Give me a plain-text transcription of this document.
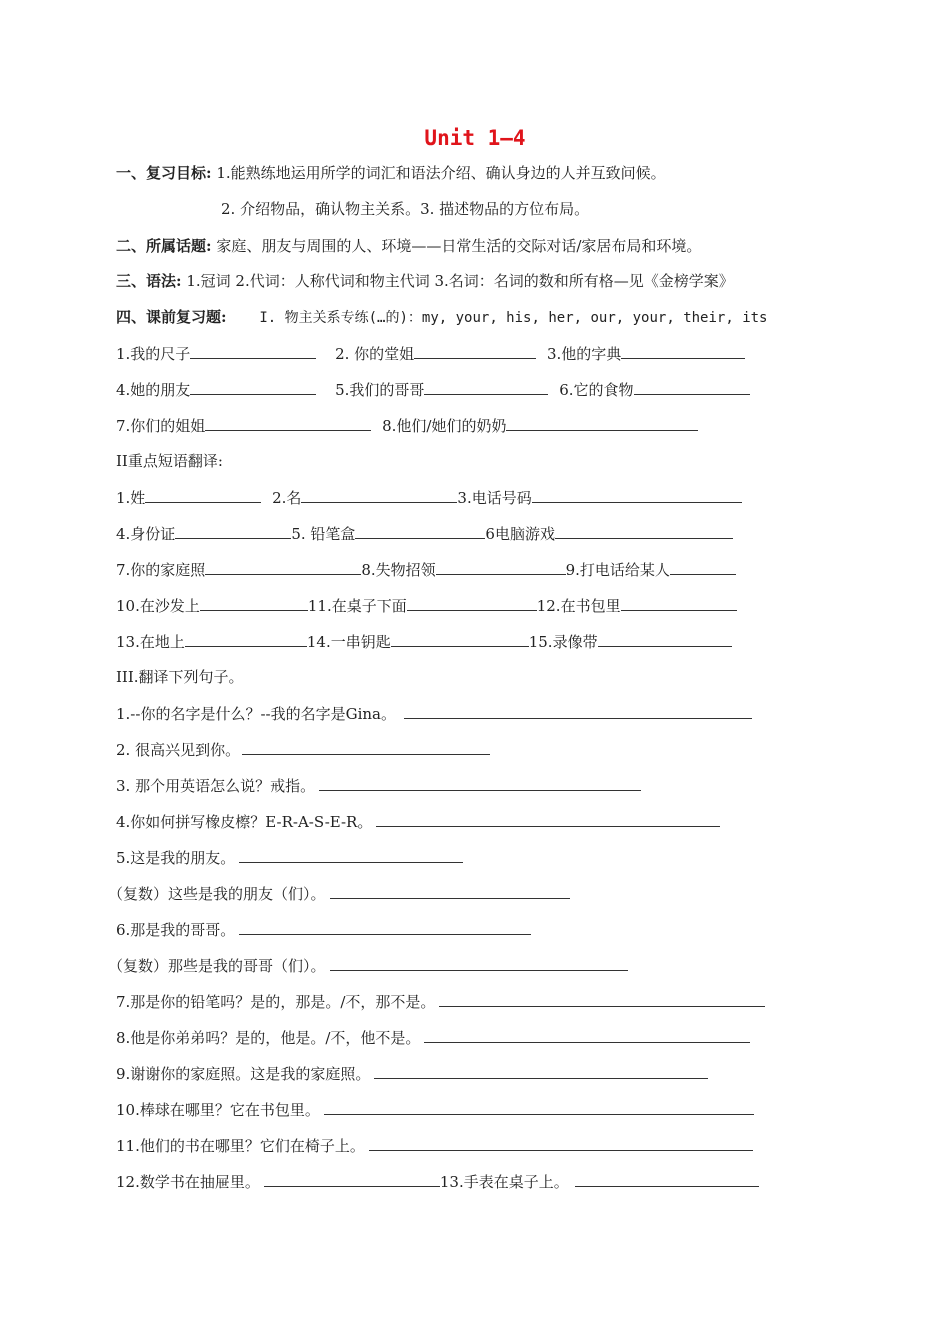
Unit 1—4
一、复习目标: 1.能熟练地运用所学的词汇和语法介绍、确认身边的人并互致问候。
2. 介绍物品，确认物主关系。3. 描述物品的方位布局。
二、所属话题: 家庭、朋友与周围的人、环境——日常生活的交际对话/家居布局和环境。
三、语法: 1.冠词 2.代词：人称代词和物主代词 3.名词：名词的数和所有格—见《金榜学案》
四、课前复习题: I. 物主关系专练(…的)：my, your, his, her, our, your, their, its
1.我的尺子	2. 你的堂姐	3.他的字典
4.她的朋友	5.我们的哥哥	6.它的食物
7.你们的姐姐	8.他们/她们的奶奶
II重点短语翻译:
1.姓	2.名	3.电话号码
4.身份证	5. 铅笔盒	6电脑游戏
7.你的家庭照	8.失物招领	9.打电话给某人
10.在沙发上	11.在桌子下面	12.在书包里
13.在地上	14.一串钥匙	15.录像带
III.翻译下列句子。
1.--你的名字是什么？--我的名字是Gina。
2. 很高兴见到你。
3. 那个用英语怎么说？戒指。
4.你如何拼写橡皮檫？E-R-A-S-E-R。
5.这是我的朋友。
（复数）这些是我的朋友（们）。
6.那是我的哥哥。
（复数）那些是我的哥哥（们）。
7.那是你的铅笔吗？是的，那是。/不，那不是。
8.他是你弟弟吗？是的，他是。/不，他不是。
9.谢谢你的家庭照。这是我的家庭照。
10.棒球在哪里？它在书包里。
11.他们的书在哪里？它们在椅子上。
12.数学书在抽屉里。	13.手表在桌子上。
